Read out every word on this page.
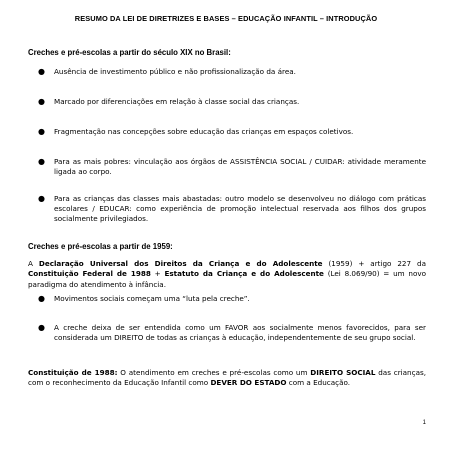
RESUMO DA LEI DE DIRETRIZES E BASES – EDUCAÇÃO INFANTIL – INTRODUÇÃO
Creches e pré-escolas a partir do século XIX no Brasil:
● Ausência de investimento público e não profissionalização da área.
● Marcado por diferenciações em relação à classe social das crianças.
● Fragmentação nas concepções sobre educação das crianças em espaços coletivos.
● Para as mais pobres: vinculação aos órgãos de ASSISTÊNCIA SOCIAL / CUIDAR: atividade meramente ligada ao corpo.
● Para as crianças das classes mais abastadas: outro modelo se desenvolveu no diálogo com práticas escolares / EDUCAR: como experiência de promoção intelectual reservada aos filhos dos grupos socialmente privilegiados.
Creches e pré-escolas a partir de 1959:
A Declaração Universal dos Direitos da Criança e do Adolescente (1959) + artigo 227 da Constituição Federal de 1988 + Estatuto da Criança e do Adolescente (Lei 8.069/90) = um novo paradigma do atendimento à infância.
● Movimentos sociais começam uma “luta pela creche”.
● A creche deixa de ser entendida como um FAVOR aos socialmente menos favorecidos, para ser considerada um DIREITO de todas as crianças à educação, independentemente de seu grupo social.
Constituição de 1988: O atendimento em creches e pré-escolas como um DIREITO SOCIAL das crianças, com o reconhecimento da Educação Infantil como DEVER DO ESTADO com a Educação.
1
